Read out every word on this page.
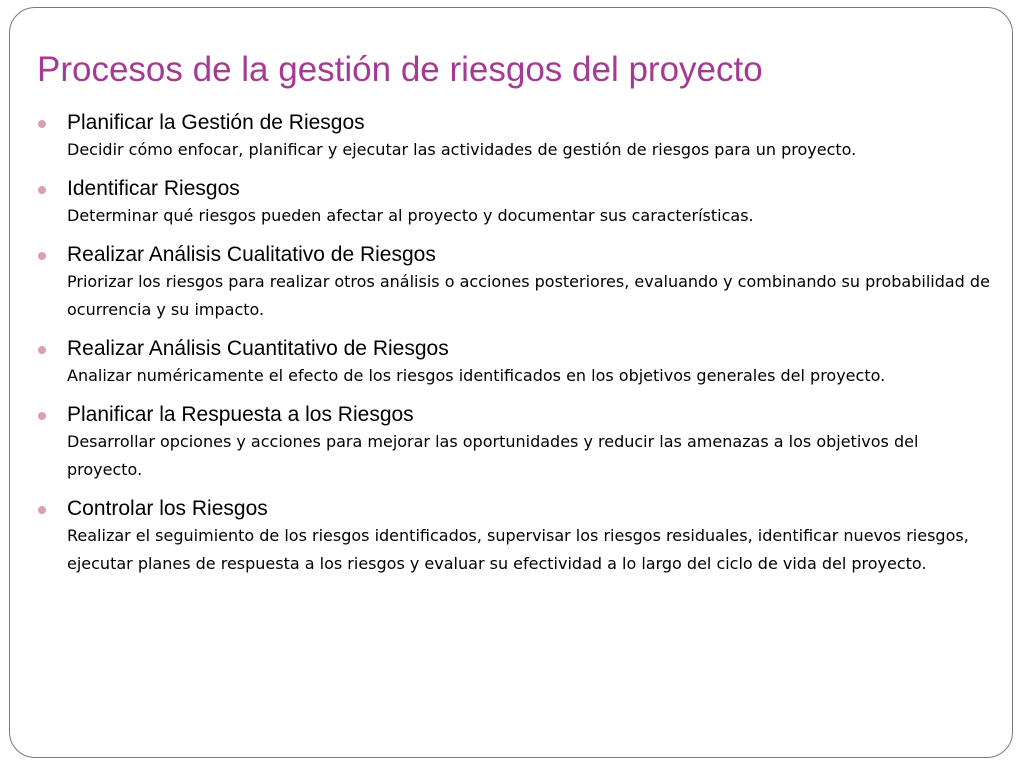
Procesos de la gestión de riesgos del proyecto
Planificar la Gestión de Riesgos
Decidir cómo enfocar, planificar y ejecutar las actividades de gestión de riesgos para un proyecto.
Identificar Riesgos
Determinar qué riesgos pueden afectar al proyecto y documentar sus características.
Realizar Análisis Cualitativo de Riesgos
Priorizar los riesgos para realizar otros análisis o acciones posteriores, evaluando y combinando su probabilidad de ocurrencia y su impacto.
Realizar Análisis Cuantitativo de Riesgos
Analizar numéricamente el efecto de los riesgos identificados en los objetivos generales del proyecto.
Planificar la Respuesta a los Riesgos
Desarrollar opciones y acciones para mejorar las oportunidades y reducir las amenazas a los objetivos del proyecto.
Controlar los Riesgos
Realizar el seguimiento de los riesgos identificados, supervisar los riesgos residuales, identificar nuevos riesgos, ejecutar planes de respuesta a los riesgos y evaluar su efectividad a lo largo del ciclo de vida del proyecto.
